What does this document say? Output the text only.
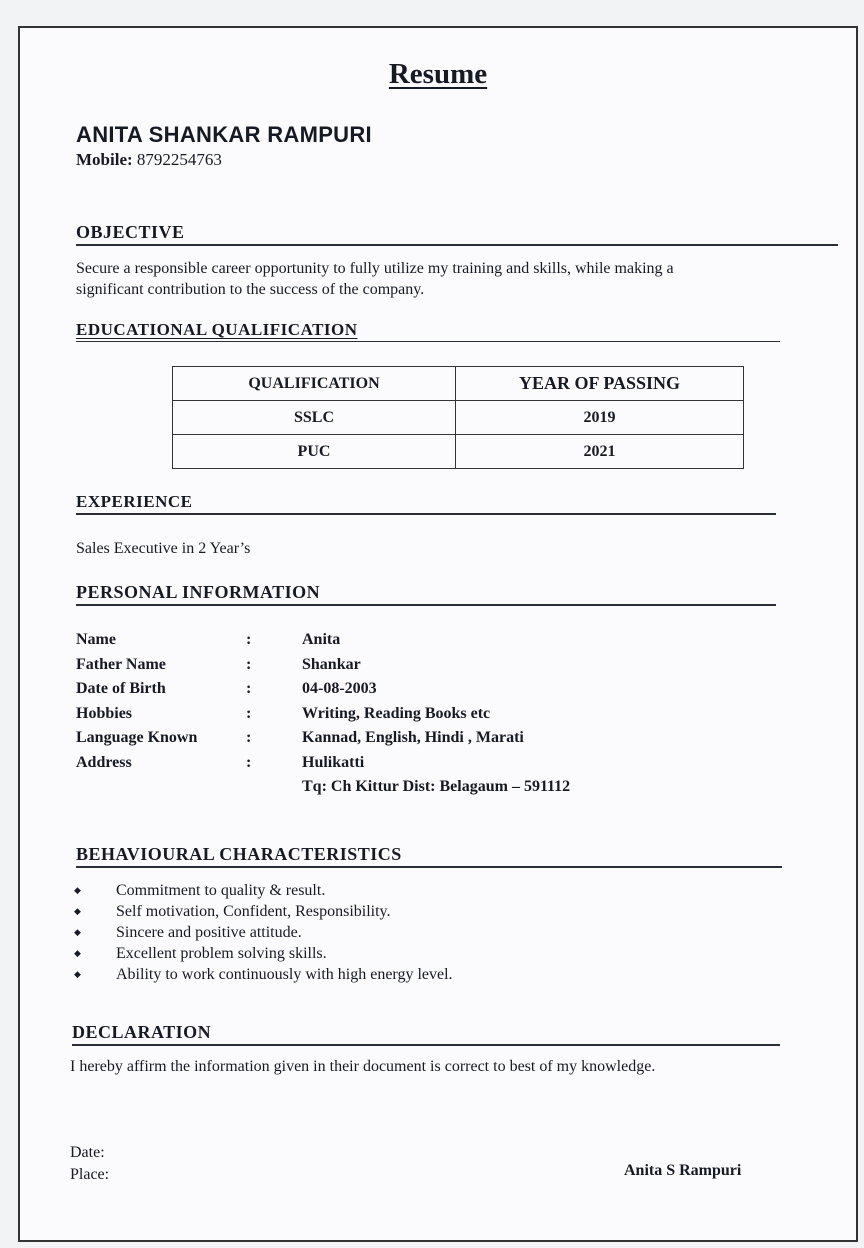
Resume
ANITA SHANKAR RAMPURI
Mobile: 8792254763
OBJECTIVE
Secure a responsible career opportunity to fully utilize my training and skills, while making a
significant contribution to the success of the company.
EDUCATIONAL QUALIFICATION
QUALIFICATION	YEAR OF PASSING
SSLC	2019
PUC	2021
EXPERIENCE
Sales Executive in 2 Year’s
PERSONAL INFORMATION
Name	:	Anita
Father Name	:	Shankar
Date of Birth	:	04-08-2003
Hobbies	:	Writing, Reading Books etc
Language Known	:	Kannad, English, Hindi , Marati
Address	:	Hulikatti
Tq: Ch Kittur Dist: Belagaum – 591112
BEHAVIOURAL CHARACTERISTICS
◆	Commitment to quality & result.
◆	Self motivation, Confident, Responsibility.
◆	Sincere and positive attitude.
◆	Excellent problem solving skills.
◆	Ability to work continuously with high energy level.
DECLARATION
I hereby affirm the information given in their document is correct to best of my knowledge.
Date:
Place:	Anita S Rampuri
